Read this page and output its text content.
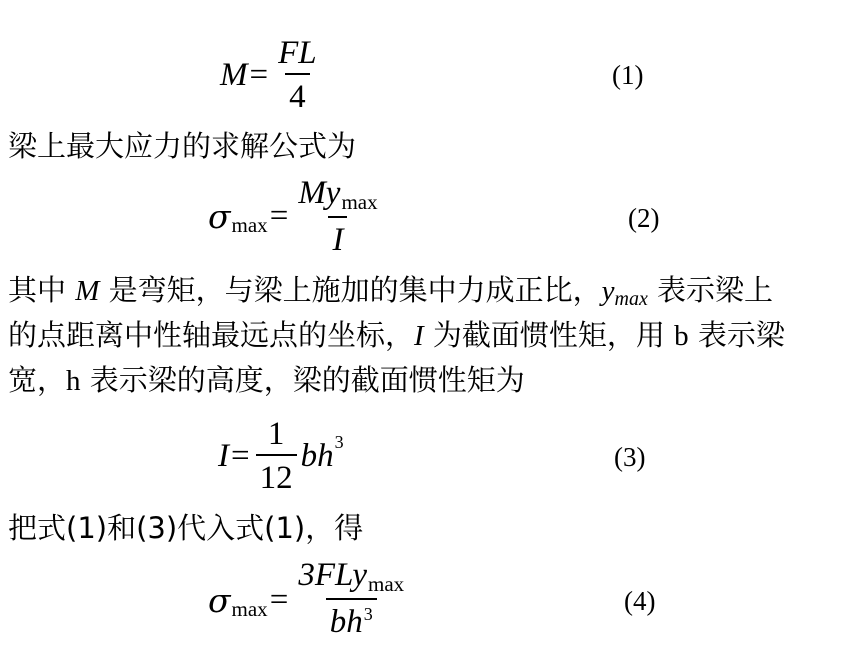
$M = \frac{FL}{4}$	(1)
梁上最大应力的求解公式为
σ $\max = \frac{Mymax}{I}$	(2)
其中 M 是弯矩，与梁上施加的集中力成正比，ymax 表示梁上
的点距离中性轴最远点的坐标，I 为截面惯性矩，用 b 表示梁
宽，h 表示梁的高度，梁的截面惯性矩为
$I = \frac{1}{12}$ bh 3
(3)
把式(1)和(3)代入式(1)，得
σ $\max = \frac{\text{3FLymax}}{bh^3}$	(4)
